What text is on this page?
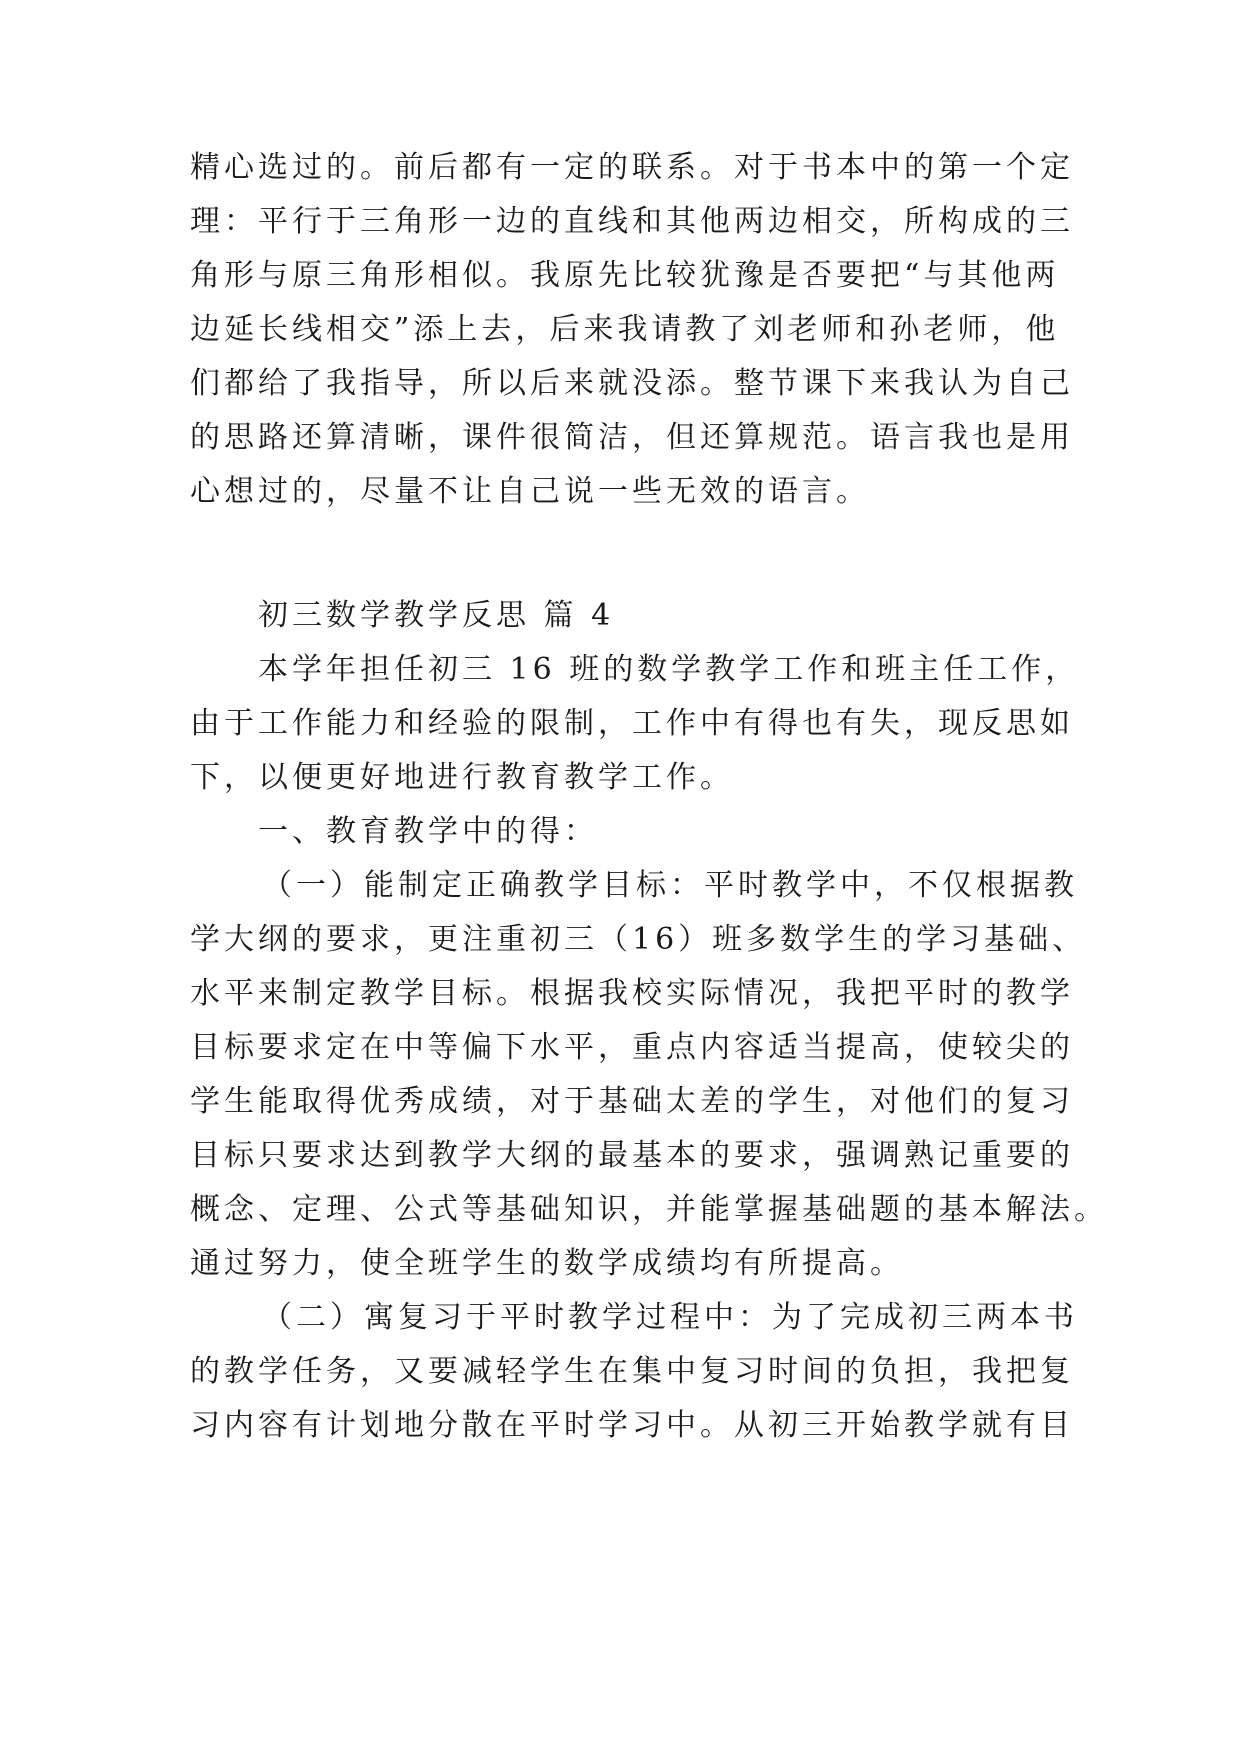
精心选过的。前后都有一定的联系。对于书本中的第一个定
理：平行于三角形一边的直线和其他两边相交，所构成的三
角形与原三角形相似。我原先比较犹豫是否要把“与其他两
边延长线相交”添上去，后来我请教了刘老师和孙老师，他
们都给了我指导，所以后来就没添。整节课下来我认为自己
的思路还算清晰，课件很简洁，但还算规范。语言我也是用
心想过的，尽量不让自己说一些无效的语言。
初三数学教学反思 篇 4
本学年担任初三 16 班的数学教学工作和班主任工作，
由于工作能力和经验的限制，工作中有得也有失，现反思如
下，以便更好地进行教育教学工作。
一、教育教学中的得：
（一）能制定正确教学目标：平时教学中，不仅根据教
学大纲的要求，更注重初三（16）班多数学生的学习基础、
水平来制定教学目标。根据我校实际情况，我把平时的教学
目标要求定在中等偏下水平，重点内容适当提高，使较尖的
学生能取得优秀成绩，对于基础太差的学生，对他们的复习
目标只要求达到教学大纲的最基本的要求，强调熟记重要的
概念、定理、公式等基础知识，并能掌握基础题的基本解法。
通过努力，使全班学生的数学成绩均有所提高。
（二）寓复习于平时教学过程中：为了完成初三两本书
的教学任务，又要减轻学生在集中复习时间的负担，我把复
习内容有计划地分散在平时学习中。从初三开始教学就有目
